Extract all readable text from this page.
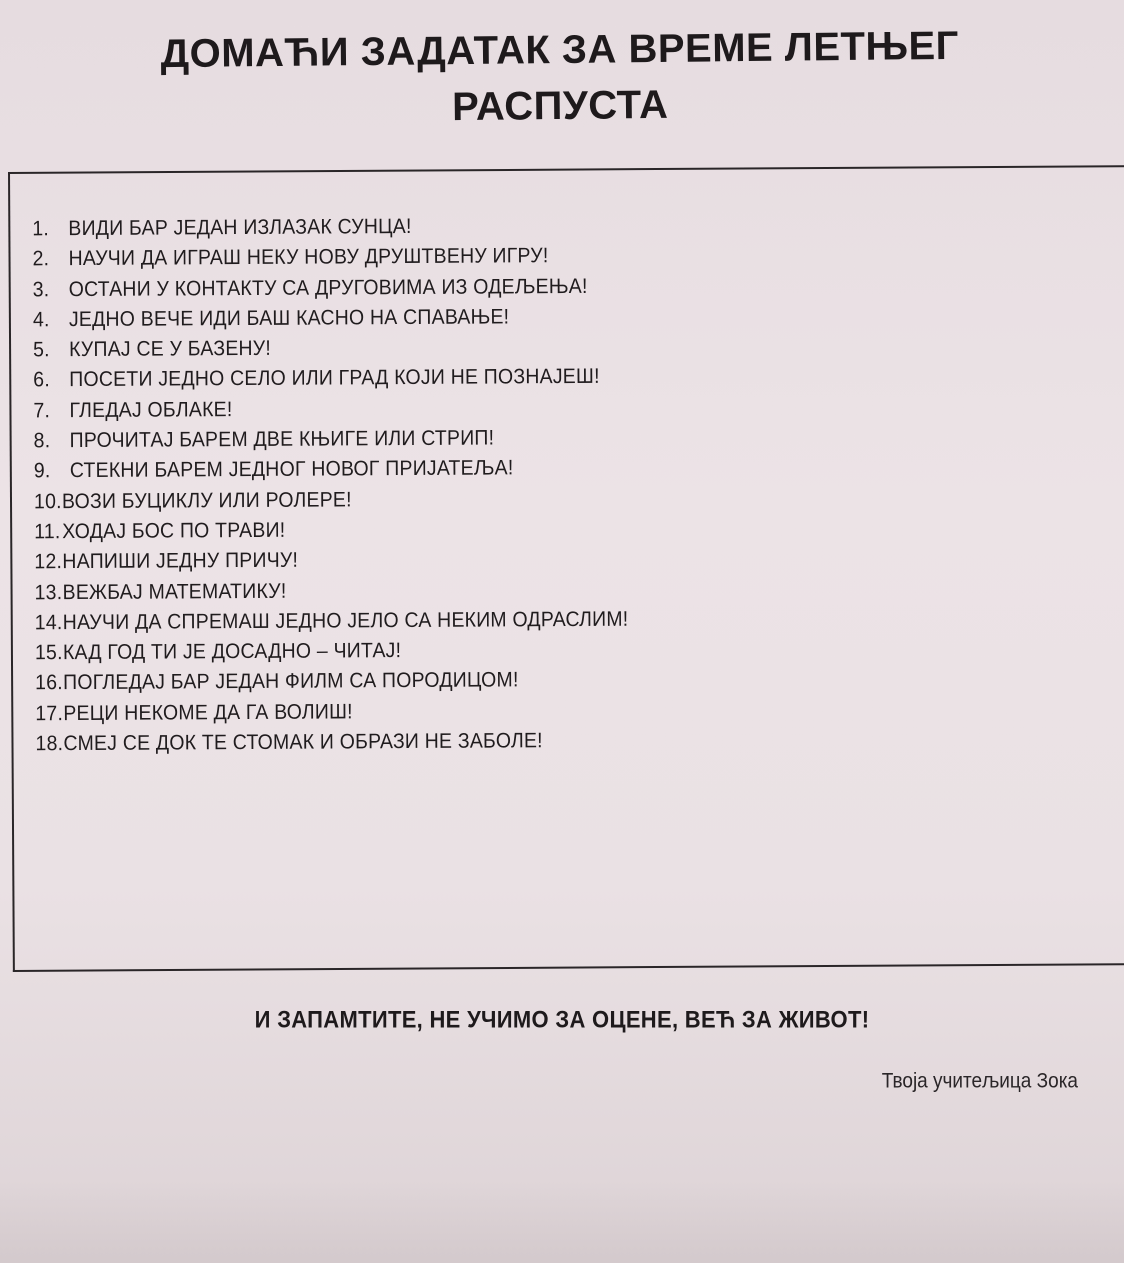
ДОМАЋИ ЗАДАТАК ЗА ВРЕМЕ ЛЕТЊЕГ
РАСПУСТА
1. ВИДИ БАР ЈЕДАН ИЗЛАЗАК СУНЦА!
2. НАУЧИ ДА ИГРАШ НЕКУ НОВУ ДРУШТВЕНУ ИГРУ!
3. ОСТАНИ У КОНТАКТУ СА ДРУГОВИМА ИЗ ОДЕЉЕЊА!
4. ЈЕДНО ВЕЧЕ ИДИ БАШ КАСНО НА СПАВАЊЕ!
5. КУПАЈ СЕ У БАЗЕНУ!
6. ПОСЕТИ ЈЕДНО СЕЛО ИЛИ ГРАД КОЈИ НЕ ПОЗНАЈЕШ!
7. ГЛЕДАЈ ОБЛАКЕ!
8. ПРОЧИТАЈ БАРЕМ ДВЕ КЊИГЕ ИЛИ СТРИП!
9. СТЕКНИ БАРЕМ ЈЕДНОГ НОВОГ ПРИЈАТЕЉА!
10.ВОЗИ БУЦИКЛУ ИЛИ РОЛЕРЕ!
11.ХОДАЈ БОС ПО ТРАВИ!
12.НАПИШИ ЈЕДНУ ПРИЧУ!
13.ВЕЖБАЈ МАТЕМАТИКУ!
14.НАУЧИ ДА СПРЕМАШ ЈЕДНО ЈЕЛО СА НЕКИМ ОДРАСЛИМ!
15.КАД ГОД ТИ ЈЕ ДОСАДНО – ЧИТАЈ!
16.ПОГЛЕДАЈ БАР ЈЕДАН ФИЛМ СА ПОРОДИЦОМ!
17.РЕЦИ НЕКОМЕ ДА ГА ВОЛИШ!
18.СМЕЈ СЕ ДОК ТЕ СТОМАК И ОБРАЗИ НЕ ЗАБОЛЕ!
И ЗАПАМТИТЕ, НЕ УЧИМО ЗА ОЦЕНЕ, ВЕЋ ЗА ЖИВОТ!
Твоја учитељица Зока
